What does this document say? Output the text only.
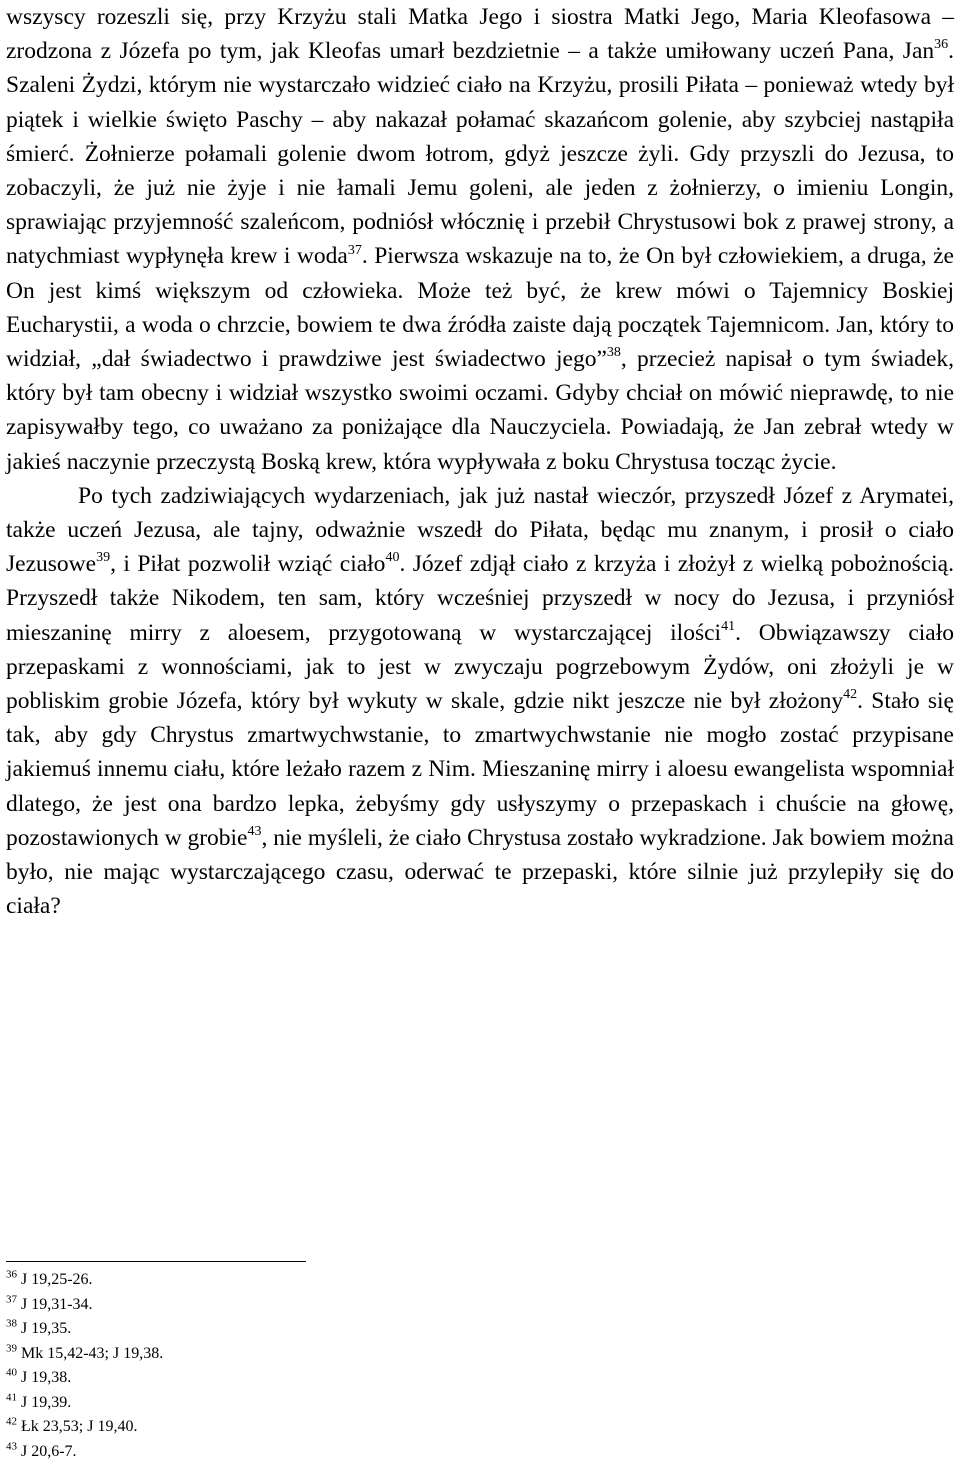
wszyscy rozeszli się, przy Krzyżu stali Matka Jego i siostra Matki Jego, Maria Kleofasowa – zrodzona z Józefa po tym, jak Kleofas umarł bezdzietnie – a także umiłowany uczeń Pana, Jan$^{36}$. Szaleni Żydzi, którym nie wystarczało widzieć ciało na Krzyżu, prosili Piłata – ponieważ wtedy był piątek i wielkie święto Paschy – aby nakazał połamać skazańcom golenie, aby szybciej nastąpiła śmierć. Żołnierze połamali golenie dwom łotrom, gdyż jeszcze żyli. Gdy przyszli do Jezusa, to zobaczyli, że już nie żyje i nie łamali Jemu goleni, ale jeden z żołnierzy, o imieniu Longin, sprawiając przyjemność szaleńcom, podniósł włócznię i przebił Chrystusowi bok z prawej strony, a natychmiast wypłynęła krew i woda$^{37}$. Pierwsza wskazuje na to, że On był człowiekiem, a druga, że On jest kimś większym od człowieka. Może też być, że krew mówi o Tajemnicy Boskiej Eucharystii, a woda o chrzcie, bowiem te dwa źródła zaiste dają początek Tajemnicom. Jan, który to widział, „dał świadectwo i prawdziwe jest świadectwo jego”$^{38}$, przecież napisał o tym świadek, który był tam obecny i widział wszystko swoimi oczami. Gdyby chciał on mówić nieprawdę, to nie zapisywałby tego, co uważano za poniżające dla Nauczyciela. Powiadają, że Jan zebrał wtedy w jakieś naczynie przeczystą Boską krew, która wypływała z boku Chrystusa tocząc życie.

Po tych zadziwiających wydarzeniach, jak już nastał wieczór, przyszedł Józef z Arymatei, także uczeń Jezusa, ale tajny, odważnie wszedł do Piłata, będąc mu znanym, i prosił o ciało Jezusowe$^{39}$, i Piłat pozwolił wziąć ciało$^{40}$. Józef zdjął ciało z krzyża i złożył z wielką pobożnością. Przyszedł także Nikodem, ten sam, który wcześniej przyszedł w nocy do Jezusa, i przyniósł mieszaninę mirry z aloesem, przygotowaną w wystarczającej ilości$^{41}$. Obwiązawszy ciało przepaskami z wonnościami, jak to jest w zwyczaju pogrzebowym Żydów, oni złożyli je w pobliskim grobie Józefa, który był wykuty w skale, gdzie nikt jeszcze nie był złożony$^{42}$. Stało się tak, aby gdy Chrystus zmartwychwstanie, to zmartwychwstanie nie mogło zostać przypisane jakiemuś innemu ciału, które leżało razem z Nim. Mieszaninę mirry i aloesu ewangelista wspomniał dlatego, że jest ona bardzo lepka, żebyśmy gdy usłyszymy o przepaskach i chuście na głowę, pozostawionych w grobie$^{43}$, nie myśleli, że ciało Chrystusa zostało wykradzione. Jak bowiem można było, nie mając wystarczającego czasu, oderwać te przepaski, które silnie już przylepiły się do ciała?

$^{36}$ J 19,25-26.
$^{37}$ J 19,31-34.
$^{38}$ J 19,35.
$^{39}$ Mk 15,42-43; J 19,38.
$^{40}$ J 19,38.
$^{41}$ J 19,39.
$^{42}$ Łk 23,53; J 19,40.
$^{43}$ J 20,6-7.
